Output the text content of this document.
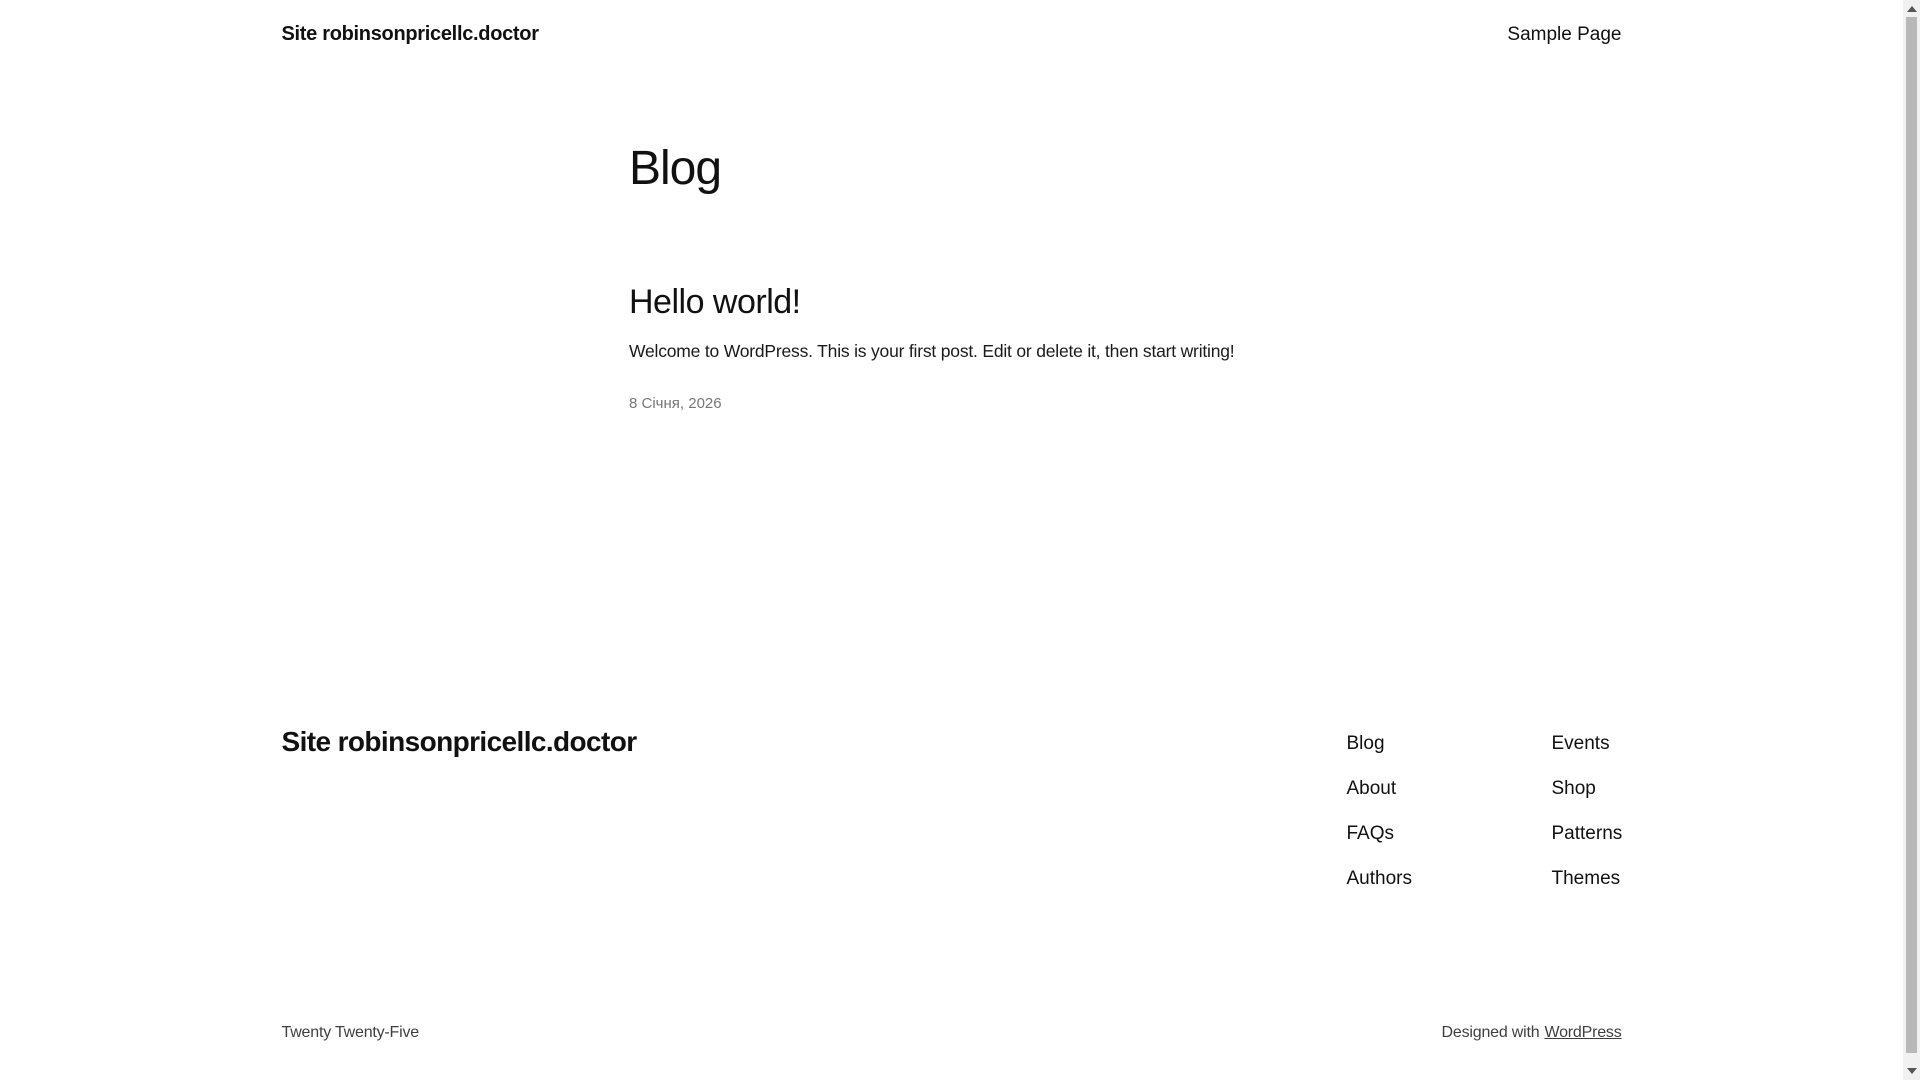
Site robinsonpricellc.doctor	Sample Page
Blog
Hello world!

Welcome to WordPress. This is your first post. Edit or delete it, then start writing!

8 Січня, 2026
Site robinsonpricellc.doctor	Blog
About
FAQs
Authors
Events
Shop
Patterns
Themes
Twenty Twenty-Five	Designed with WordPress
